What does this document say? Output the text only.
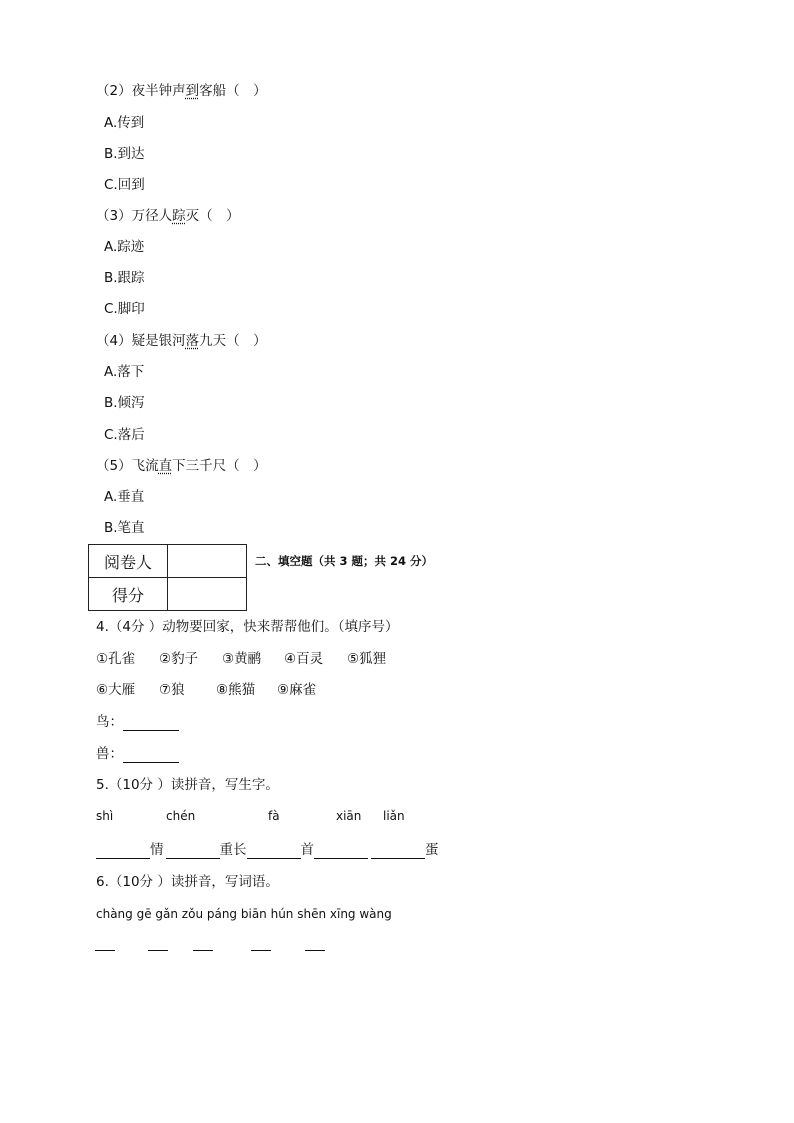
（2）夜半钟声到客船（　）
A.传到
B.到达
C.回到
（3）万径人踪灭（　）
A.踪迹
B.跟踪
C.脚印
（4）疑是银河落九天（　）
A.落下
B.倾泻
C.落后
（5）飞流直下三千尺（　）
A.垂直
B.笔直
阅卷人	
得分	
二、填空题（共 3 题；共 24 分）
4.（4分 ）动物要回家，快来帮帮他们。（填序号）
①孔雀 ②豹子 ③黄鹂 ④百灵 ⑤狐狸
⑥大雁 ⑦狼 ⑧熊猫 ⑨麻雀
鸟：
兽：
5.（10分 ）读拼音，写生字。
shì	chén	fà	xiān liǎn
情	重长	首	蛋
6.（10分 ）读拼音，写词语。
chàng gē gǎn zǒu páng biān hún shēn xīng wàng
